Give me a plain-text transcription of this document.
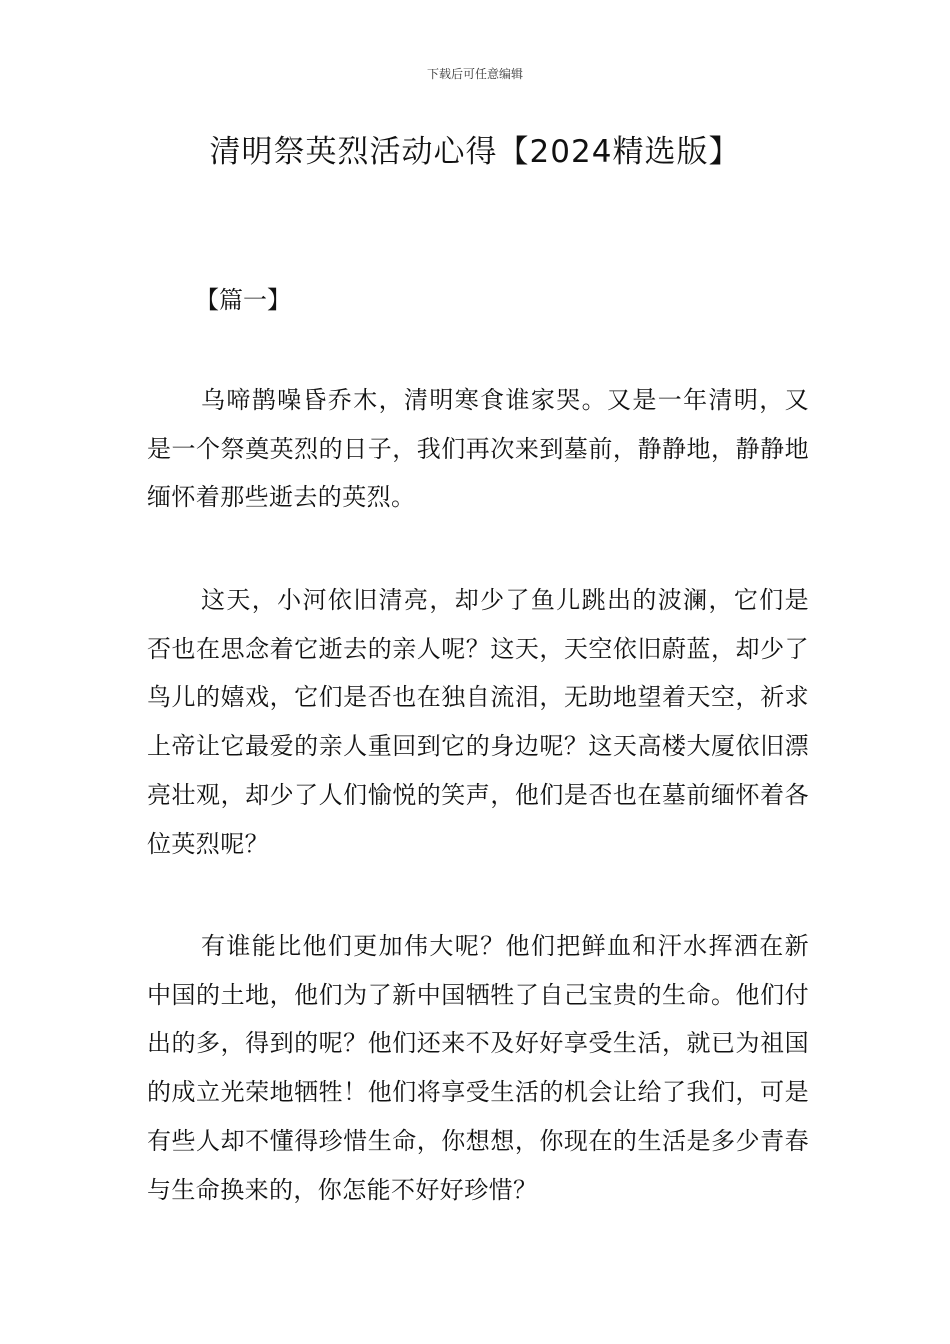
下载后可任意编辑
清明祭英烈活动心得【2024精选版】
【篇一】

乌啼鹊噪昏乔木，清明寒食谁家哭。又是一年清明，又是一个祭奠英烈的日子，我们再次来到墓前，静静地，静静地缅怀着那些逝去的英烈。

这天，小河依旧清亮，却少了鱼儿跳出的波澜，它们是否也在思念着它逝去的亲人呢？这天，天空依旧蔚蓝，却少了鸟儿的嬉戏，它们是否也在独自流泪，无助地望着天空，祈求上帝让它最爱的亲人重回到它的身边呢？这天高楼大厦依旧漂亮壮观，却少了人们愉悦的笑声，他们是否也在墓前缅怀着各位英烈呢？

有谁能比他们更加伟大呢？他们把鲜血和汗水挥洒在新中国的土地，他们为了新中国牺牲了自己宝贵的生命。他们付出的多，得到的呢？他们还来不及好好享受生活，就已为祖国的成立光荣地牺牲！他们将享受生活的机会让给了我们，可是有些人却不懂得珍惜生命，你想想，你现在的生活是多少青春与生命换来的，你怎能不好好珍惜？
